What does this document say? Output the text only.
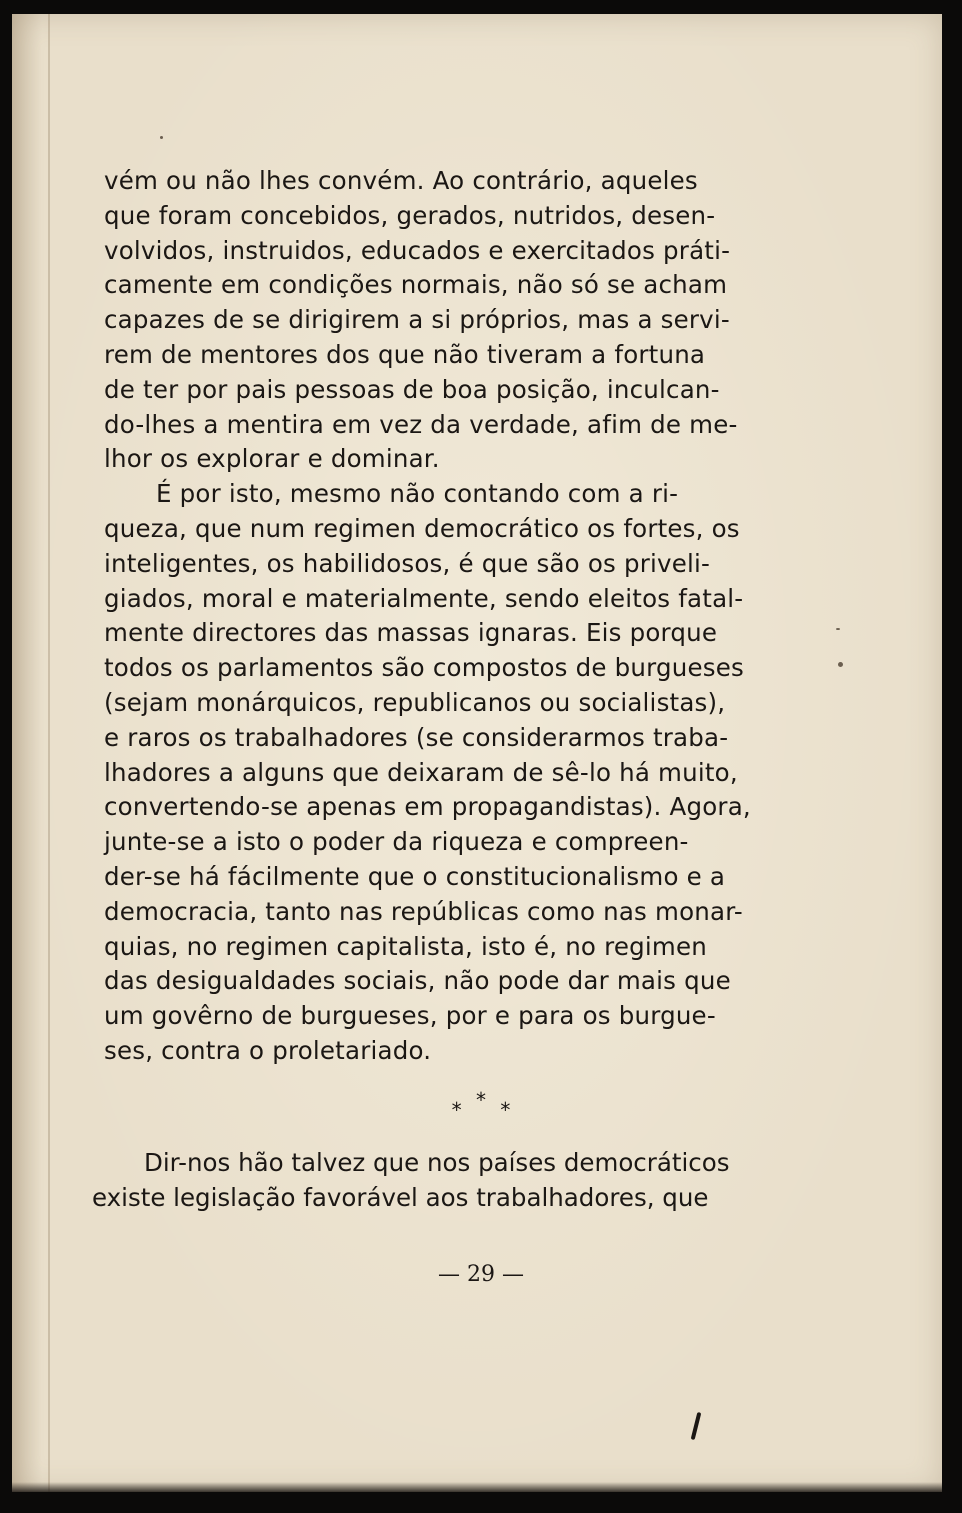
vém ou não lhes convém. Ao contrário, aqueles
que foram concebidos, gerados, nutridos, desen-
volvidos, instruidos, educados e exercitados práti-
camente em condições normais, não só se acham
capazes de se dirigirem a si próprios, mas a servi-
rem de mentores dos que não tiveram a fortuna
de ter por pais pessoas de boa posição, inculcan-
do-lhes a mentira em vez da verdade, afim de me-
lhor os explorar e dominar.
É por isto, mesmo não contando com a ri-
queza, que num regimen democrático os fortes, os
inteligentes, os habilidosos, é que são os priveli-
giados, moral e materialmente, sendo eleitos fatal-
mente directores das massas ignaras. Eis porque
todos os parlamentos são compostos de burgueses
(sejam monárquicos, republicanos ou socialistas),
e raros os trabalhadores (se considerarmos traba-
lhadores a alguns que deixaram de sê-lo há muito,
convertendo-se apenas em propagandistas). Agora,
junte-se a isto o poder da riqueza e compreen-
der-se há fácilmente que o constitucionalismo e a
democracia, tanto nas repúblicas como nas monar-
quias, no regimen capitalista, isto é, no regimen
das desigualdades sociais, não pode dar mais que
um govêrno de burgueses, por e para os burgue-
ses, contra o proletariado.
* * *
Dir-nos hão talvez que nos países democráticos
existe legislação favorável aos trabalhadores, que
— 29 —
